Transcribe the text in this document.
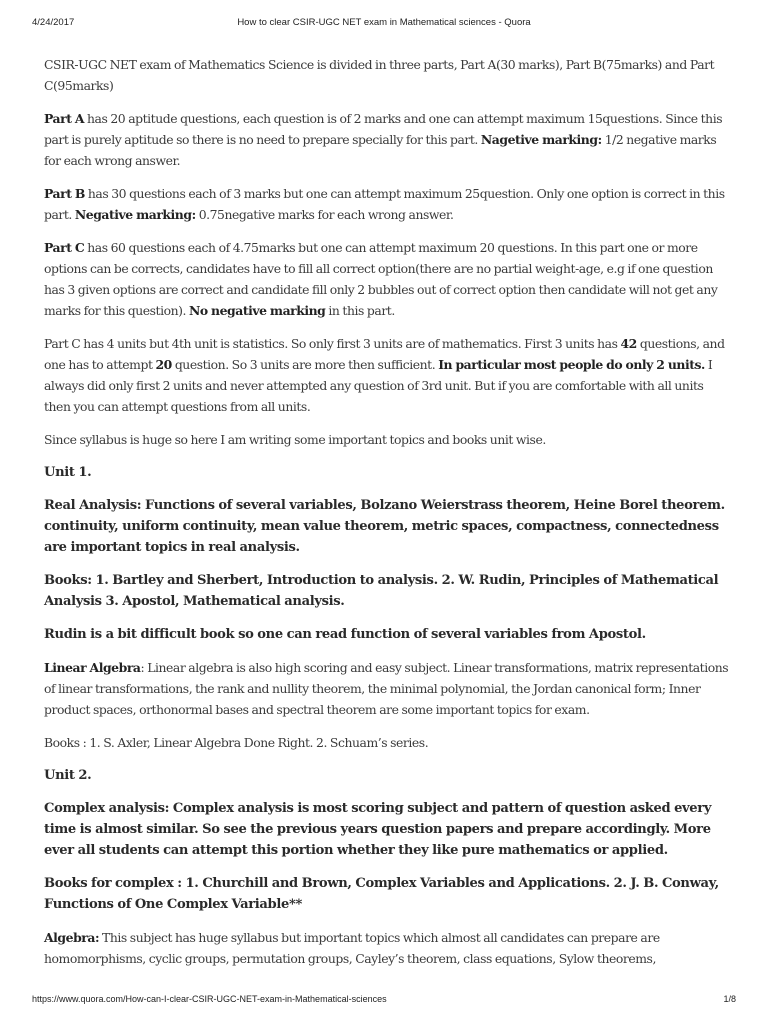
4/24/2017	How to clear CSIR-UGC NET exam in Mathematical sciences - Quora

CSIR-UGC NET exam of Mathematics Science is divided in three parts, Part A(30 marks), Part B(75marks) and Part C(95marks)

Part A has 20 aptitude questions, each question is of 2 marks and one can attempt maximum 15questions. Since this part is purely aptitude so there is no need to prepare specially for this part. Nagetive marking: 1/2 negative marks for each wrong answer.

Part B has 30 questions each of 3 marks but one can attempt maximum 25question. Only one option is correct in this part. Negative marking: 0.75negative marks for each wrong answer.

Part C has 60 questions each of 4.75marks but one can attempt maximum 20 questions. In this part one or more options can be corrects, candidates have to fill all correct option(there are no partial weight-age, e.g if one question has 3 given options are correct and candidate fill only 2 bubbles out of correct option then candidate will not get any marks for this question). No negative marking in this part.

Part C has 4 units but 4th unit is statistics. So only first 3 units are of mathematics. First 3 units has 42 questions, and one has to attempt 20 question. So 3 units are more then sufficient. In particular most people do only 2 units. I always did only first 2 units and never attempted any question of 3rd unit. But if you are comfortable with all units then you can attempt questions from all units.

Since syllabus is huge so here I am writing some important topics and books unit wise.

Unit 1.
Real Analysis: Functions of several variables, Bolzano Weierstrass theorem, Heine Borel theorem. continuity, uniform continuity, mean value theorem, metric spaces, compactness, connectedness are important topics in real analysis.
Books: 1. Bartley and Sherbert, Introduction to analysis. 2. W. Rudin, Principles of Mathematical Analysis 3. Apostol, Mathematical analysis.
Rudin is a bit difficult book so one can read function of several variables from Apostol.

Linear Algebra: Linear algebra is also high scoring and easy subject. Linear transformations, matrix representations of linear transformations, the rank and nullity theorem, the minimal polynomial, the Jordan canonical form; Inner product spaces, orthonormal bases and spectral theorem are some important topics for exam.

Books : 1. S. Axler, Linear Algebra Done Right. 2. Schuam’s series.

Unit 2.
Complex analysis: Complex analysis is most scoring subject and pattern of question asked every time is almost similar. So see the previous years question papers and prepare accordingly. More ever all students can attempt this portion whether they like pure mathematics or applied.
Books for complex : 1. Churchill and Brown, Complex Variables and Applications. 2. J. B. Conway, Functions of One Complex Variable**

Algebra: This subject has huge syllabus but important topics which almost all candidates can prepare are homomorphisms, cyclic groups, permutation groups, Cayley’s theorem, class equations, Sylow theorems,

https://www.quora.com/How-can-I-clear-CSIR-UGC-NET-exam-in-Mathematical-sciences	1/8
